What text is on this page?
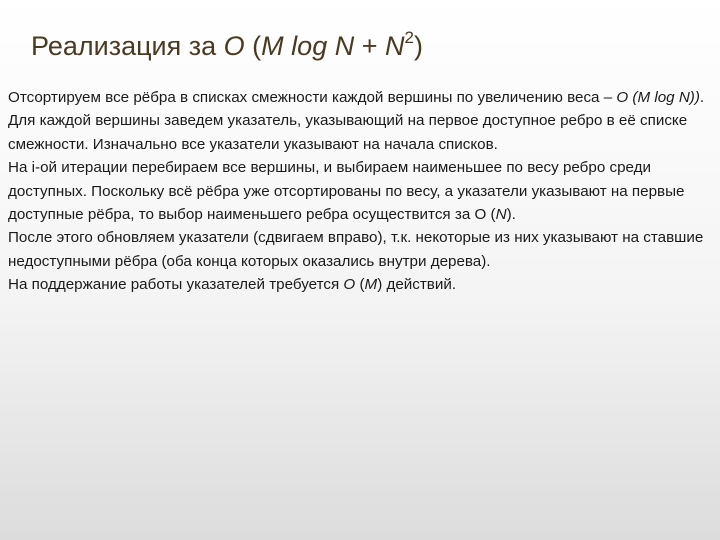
Реализация за O (M $\log N + N^2$)

Отсортируем все рёбра в списках смежности каждой вершины по увеличению веса – O (M log N)).

Для каждой вершины заведем указатель, указывающий на первое доступное ребро в её списке смежности. Изначально все указатели указывают на начала списков.

На i-ой итерации перебираем все вершины, и выбираем наименьшее по весу ребро среди доступных. Поскольку всё рёбра уже отсортированы по весу, а указатели указывают на первые доступные рёбра, то выбор наименьшего ребра осуществится за O (N).

После этого обновляем указатели (сдвигаем вправо), т.к. некоторые из них указывают на ставшие недоступными рёбра (оба конца которых оказались внутри дерева).

На поддержание работы указателей требуется O (M) действий.
